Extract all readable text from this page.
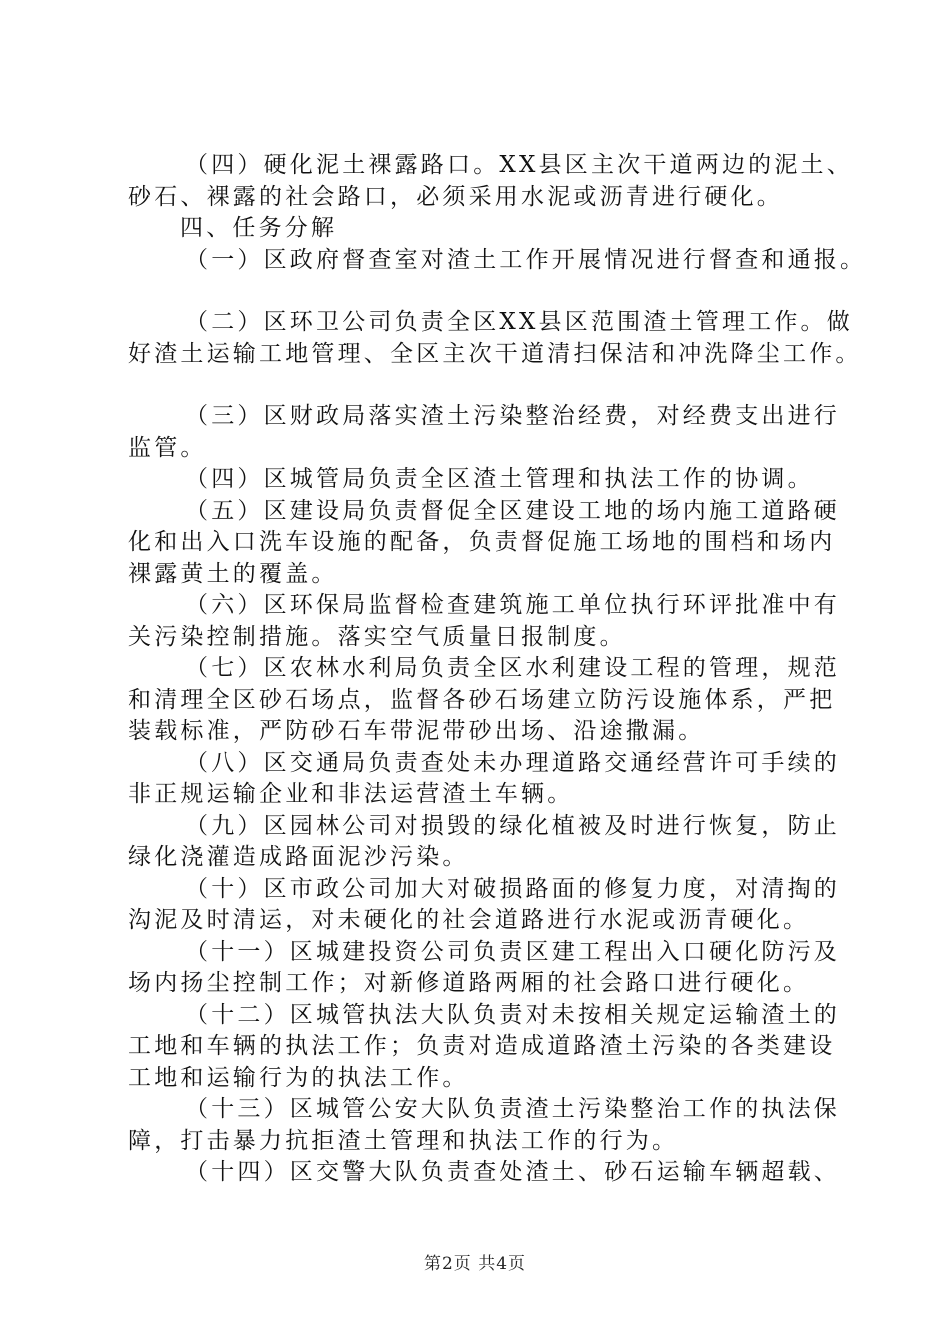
（四）硬化泥土裸露路口。XX县区主次干道两边的泥土、

砂石、裸露的社会路口，必须采用水泥或沥青进行硬化。

四、任务分解

（一）区政府督查室对渣土工作开展情况进行督查和通报。

（二）区环卫公司负责全区XX县区范围渣土管理工作。做

好渣土运输工地管理、全区主次干道清扫保洁和冲洗降尘工作。

（三）区财政局落实渣土污染整治经费，对经费支出进行

监管。

（四）区城管局负责全区渣土管理和执法工作的协调。

（五）区建设局负责督促全区建设工地的场内施工道路硬

化和出入口洗车设施的配备，负责督促施工场地的围档和场内

裸露黄土的覆盖。

（六）区环保局监督检查建筑施工单位执行环评批准中有

关污染控制措施。落实空气质量日报制度。

（七）区农林水利局负责全区水利建设工程的管理，规范

和清理全区砂石场点，监督各砂石场建立防污设施体系，严把

装载标准，严防砂石车带泥带砂出场、沿途撒漏。

（八）区交通局负责查处未办理道路交通经营许可手续的

非正规运输企业和非法运营渣土车辆。

（九）区园林公司对损毁的绿化植被及时进行恢复，防止

绿化浇灌造成路面泥沙污染。

（十）区市政公司加大对破损路面的修复力度，对清掏的

沟泥及时清运，对未硬化的社会道路进行水泥或沥青硬化。

（十一）区城建投资公司负责区建工程出入口硬化防污及

场内扬尘控制工作；对新修道路两厢的社会路口进行硬化。

（十二）区城管执法大队负责对未按相关规定运输渣土的

工地和车辆的执法工作；负责对造成道路渣土污染的各类建设

工地和运输行为的执法工作。

（十三）区城管公安大队负责渣土污染整治工作的执法保

障，打击暴力抗拒渣土管理和执法工作的行为。

（十四）区交警大队负责查处渣土、砂石运输车辆超载、

第2页 共4页
